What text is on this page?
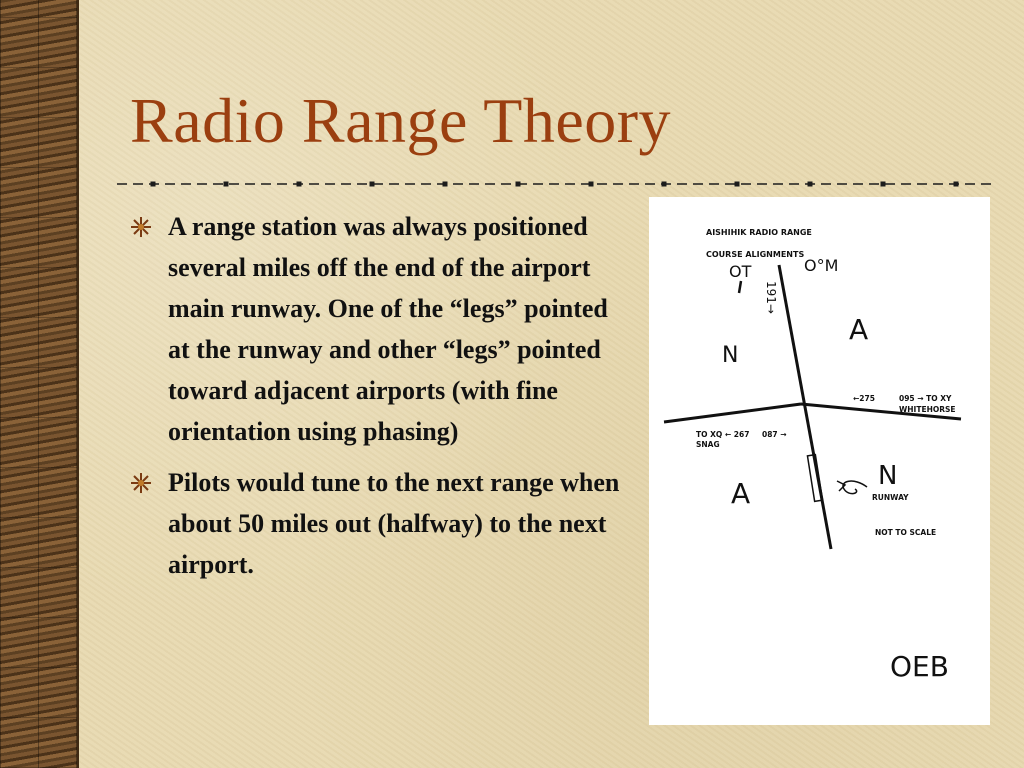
Radio Range Theory
A range station was always positioned several miles off the end of the airport main runway. One of the “legs” pointed at the runway and other “legs” pointed toward adjacent airports (with fine orientation using phasing)
Pilots would tune to the next range when about 50 miles out (halfway) to the next airport.
AISHIHIK RADIO RANGE
COURSE ALIGNMENTS
OT	O°M
191→
A
N
A
N
←275	095 → TO XY
WHITEHORSE
TO XQ ← 267 087 →
SNAG
RUNWAY
NOT TO SCALE
OEB
